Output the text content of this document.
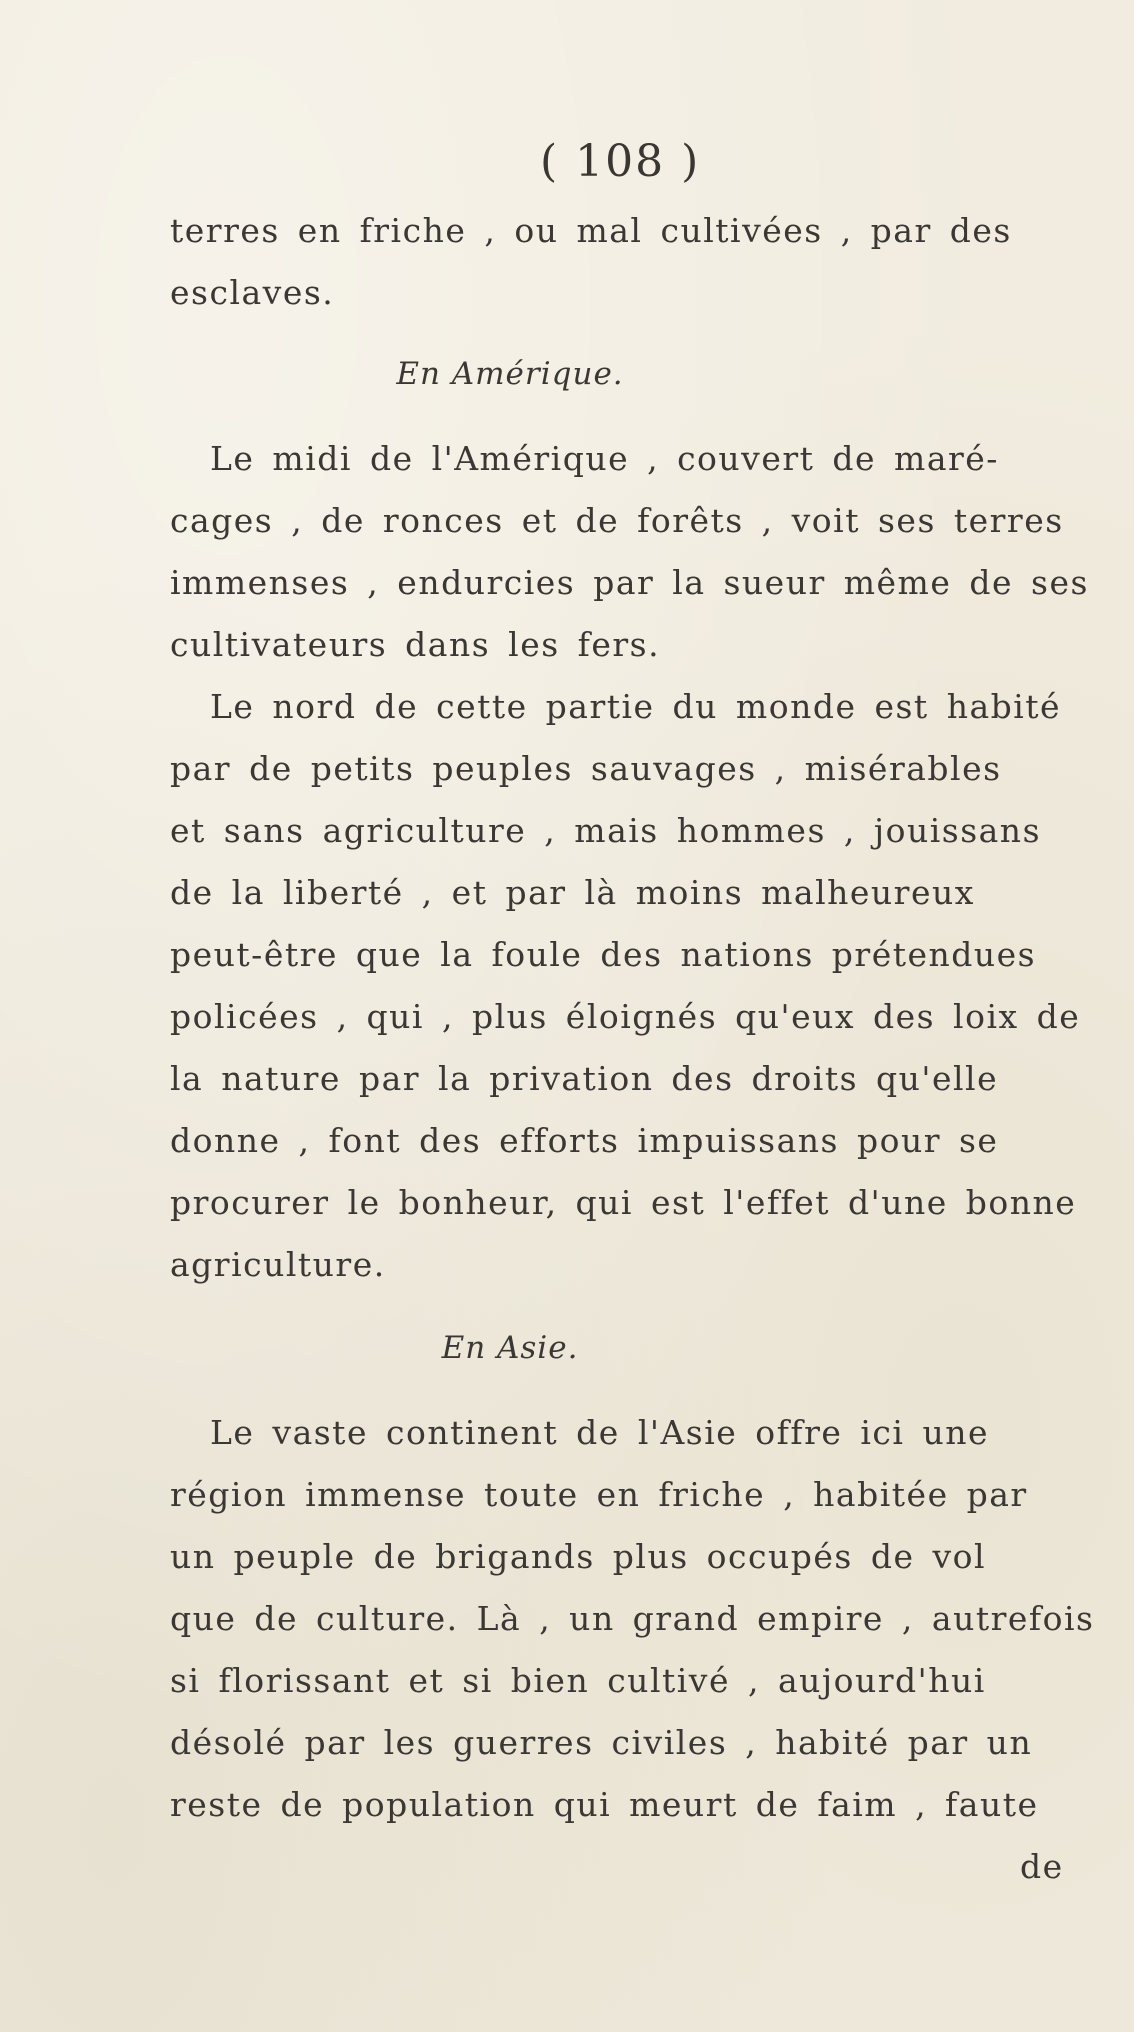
( 108 )
terres en friche , ou mal cultivées , par des
esclaves.
En Amérique.
Le midi de l'Amérique , couvert de maré-
cages , de ronces et de forêts , voit ses terres
immenses , endurcies par la sueur même de ses
cultivateurs dans les fers.
Le nord de cette partie du monde est habité
par de petits peuples sauvages , misérables
et sans agriculture , mais hommes , jouissans
de la liberté , et par là moins malheureux
peut-être que la foule des nations prétendues
policées , qui , plus éloignés qu'eux des loix de
la nature par la privation des droits qu'elle
donne , font des efforts impuissans pour se
procurer le bonheur, qui est l'effet d'une bonne
agriculture.
En Asie.
Le vaste continent de l'Asie offre ici une
région immense toute en friche , habitée par
un peuple de brigands plus occupés de vol
que de culture. Là , un grand empire , autrefois
si florissant et si bien cultivé , aujourd'hui
désolé par les guerres civiles , habité par un
reste de population qui meurt de faim , faute
de
